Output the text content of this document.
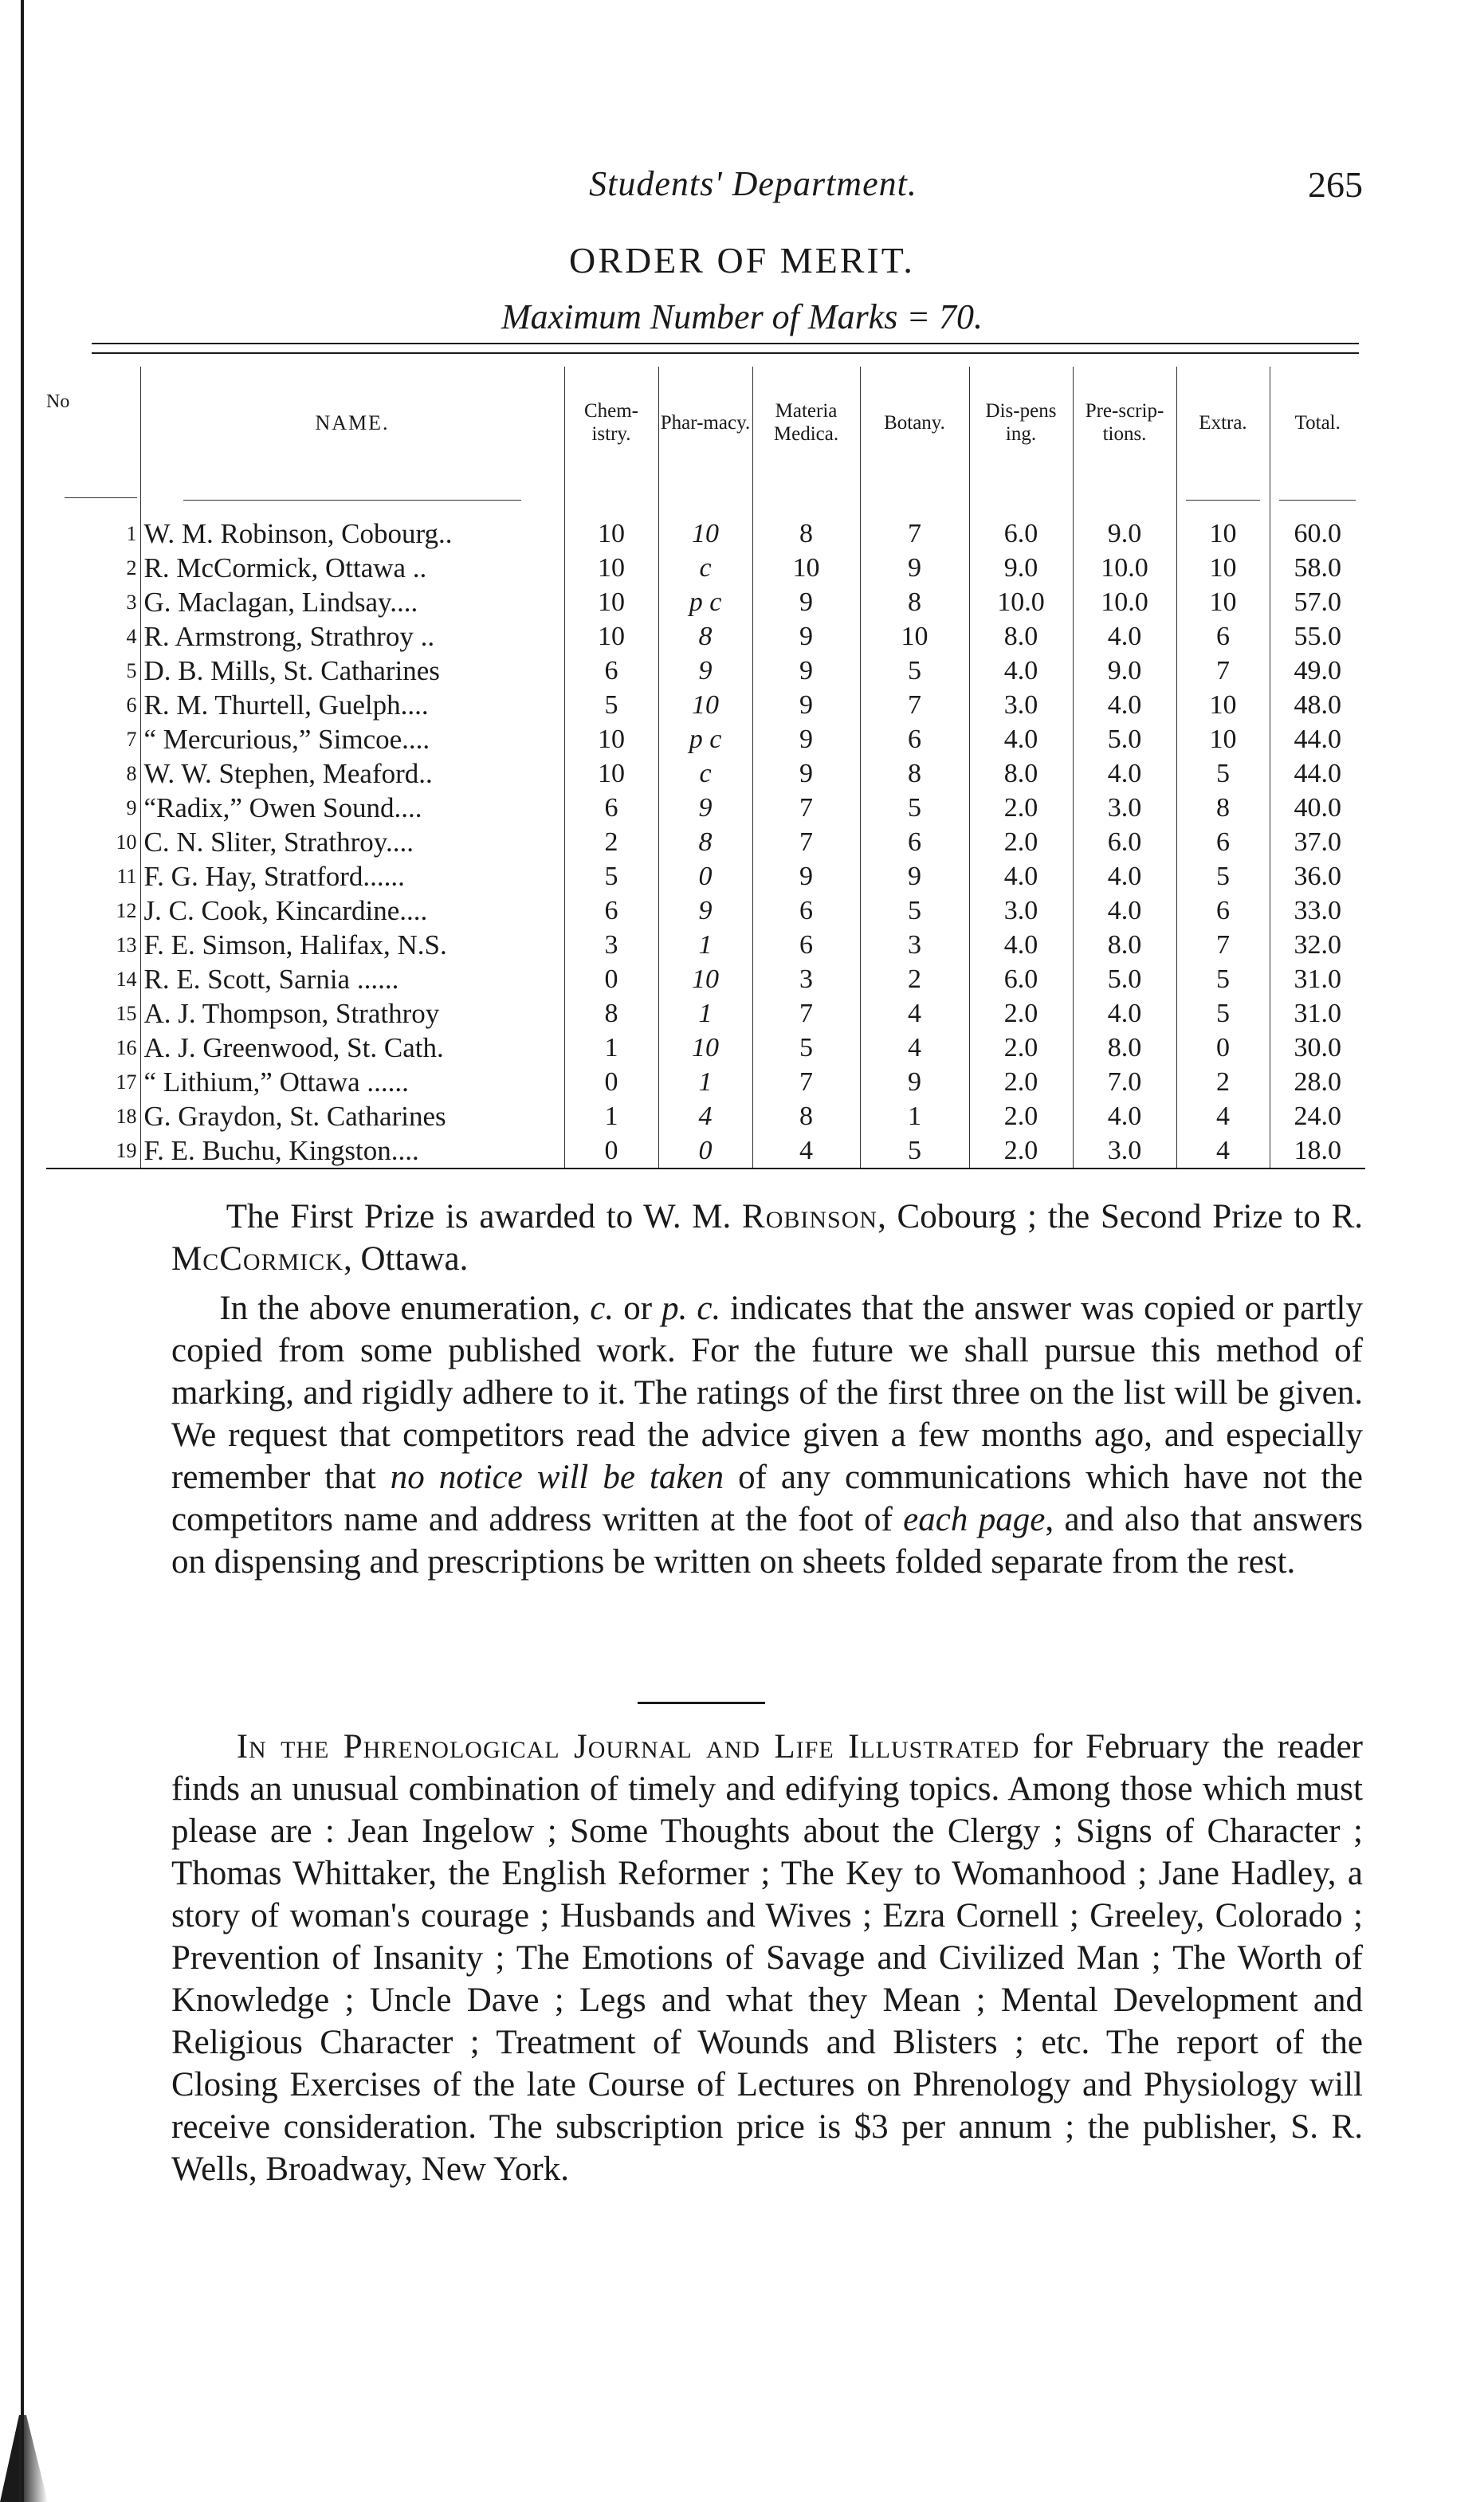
Students' Department.	265
ORDER OF MERIT.
Maximum Number of Marks = 70.
No	NAME.	Chem-istry.	Phar-macy.	Materia Medica.	Botany.	Dis-pens ing.	Pre-scrip-tions.	Extra.	Total.

1	W. M. Robinson, Cobourg..	10	10	8	7	6.0	9.0	10	60.0
2	R. McCormick, Ottawa ..	10	c	10	9	9.0	10.0	10	58.0
3	G. Maclagan, Lindsay....	10	p c	9	8	10.0	10.0	10	57.0
4	R. Armstrong, Strathroy ..	10	8	9	10	8.0	4.0	6	55.0
5	D. B. Mills, St. Catharines	6	9	9	5	4.0	9.0	7	49.0
6	R. M. Thurtell, Guelph....	5	10	9	7	3.0	4.0	10	48.0
7	“ Mercurious,” Simcoe....	10	p c	9	6	4.0	5.0	10	44.0
8	W. W. Stephen, Meaford..	10	c	9	8	8.0	4.0	5	44.0
9	“Radix,” Owen Sound....	6	9	7	5	2.0	3.0	8	40.0
10	C. N. Sliter, Strathroy....	2	8	7	6	2.0	6.0	6	37.0
11	F. G. Hay, Stratford......	5	0	9	9	4.0	4.0	5	36.0
12	J. C. Cook, Kincardine....	6	9	6	5	3.0	4.0	6	33.0
13	F. E. Simson, Halifax, N.S.	3	1	6	3	4.0	8.0	7	32.0
14	R. E. Scott, Sarnia ......	0	10	3	2	6.0	5.0	5	31.0
15	A. J. Thompson, Strathroy	8	1	7	4	2.0	4.0	5	31.0
16	A. J. Greenwood, St. Cath.	1	10	5	4	2.0	8.0	0	30.0
17	“ Lithium,” Ottawa ......	0	1	7	9	2.0	7.0	2	28.0
18	G. Graydon, St. Catharines	1	4	8	1	2.0	4.0	4	24.0
19	F. E. Buchu, Kingston....	0	0	4	5	2.0	3.0	4	18.0

The First Prize is awarded to W. M. Robinson, Cobourg ; the Second Prize to R. McCormick, Ottawa.

In the above enumeration, c. or p. c. indicates that the answer was copied or partly copied from some published work. For the future we shall pursue this method of marking, and rigidly adhere to it. The ratings of the first three on the list will be given. We request that competitors read the advice given a few months ago, and especially remember that no notice will be taken of any communications which have not the competitors name and address written at the foot of each page, and also that answers on dispensing and prescriptions be written on sheets folded separate from the rest.

In the Phrenological Journal and Life Illustrated for February the reader finds an unusual combination of timely and edifying topics. Among those which must please are : Jean Ingelow ; Some Thoughts about the Clergy ; Signs of Character ; Thomas Whittaker, the English Reformer ; The Key to Womanhood ; Jane Hadley, a story of woman's courage ; Husbands and Wives ; Ezra Cornell ; Greeley, Colorado ; Prevention of Insanity ; The Emotions of Savage and Civilized Man ; The Worth of Knowledge ; Uncle Dave ; Legs and what they Mean ; Mental Development and Religious Character ; Treatment of Wounds and Blisters ; etc. The report of the Closing Exercises of the late Course of Lectures on Phrenology and Physiology will receive consideration. The subscription price is $3 per annum ; the publisher, S. R. Wells, Broadway, New York.
